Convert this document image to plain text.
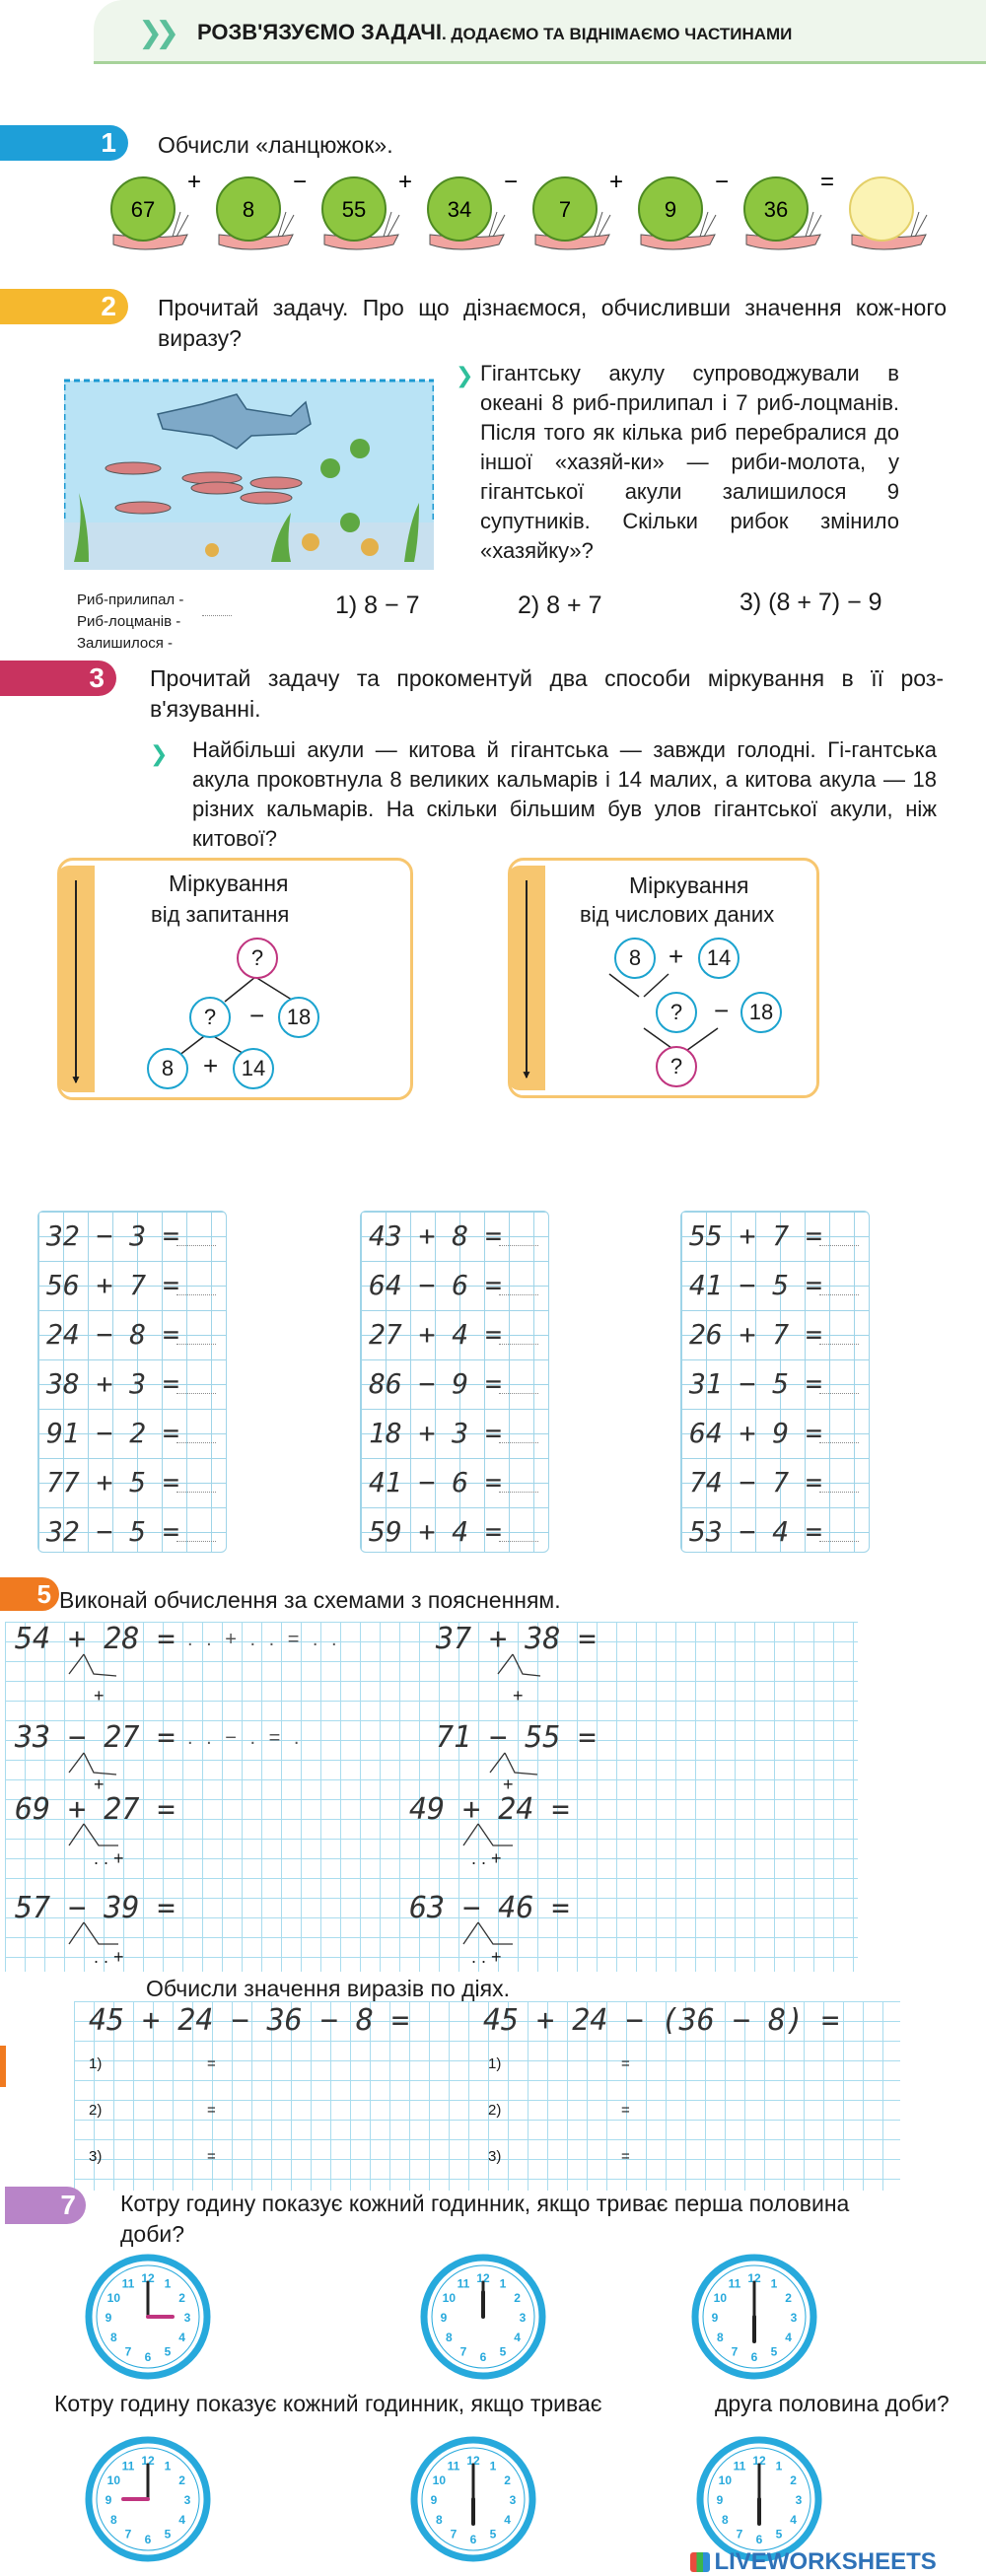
❯❯ РОЗВ'ЯЗУЄМО ЗАДАЧІ. ДОДАЄМО ТА ВІДНІМАЄМО ЧАСТИНАМИ
1	Обчисли «ланцюжок».
67
+
8
−
55
+
34
−
7
+
9
−
36
=
2	Прочитай задачу. Про що дізнаємося, обчисливши значення кож-ного виразу?
❯ Гігантську акулу супроводжували в океані 8 риб-прилипал і 7 риб-лоцманів. Після того як кілька риб перебралися до іншої «хазяй-ки» — риби-молота, у гігантської акули залишилося 9 супутників. Скільки рибок змінило «хазяйку»?
Риб-прилипал -
Риб-лоцманів -
Залишилося -
1) 8 − 7	2) 8 + 7	3) (8 + 7) − 9
3	Прочитай задачу та прокоментуй два способи міркування в її роз-в'язуванні.
❯ Найбільші акули — китова й гігантська — завжди голодні. Гі-гантська акула проковтнула 8 великих кальмарів і 14 малих, а китова акула — 18 різних кальмарів. На скільки більшим був улов гігантської акули, ніж китової?
▼
Міркування
від запитання
?
?	−	18
8	+	14	▼
Міркування
від числових даних
8	+	14
?	− 18
?
32 − 3 =
56 + 7 =
24 − 8 =
38 + 3 =
91 − 2 =
77 + 5 =
32 − 5 =
43 + 8 =
64 − 6 =
27 + 4 =
86 − 9 =
18 + 3 =
41 − 6 =
59 + 4 =
55 + 7 =
41 − 5 =
26 + 7 =
31 − 5 =
64 + 9 =
74 − 7 =
53 − 4 =
5 Виконай обчислення за схемами з поясненням.
54 + 28 = . . + . . = . .	37 + 38 =
33 − 27 = . . − . = .	71 − 55 =
69 + 27 =	49 + 24 =
57 − 39 =	63 − 46 =
+	+
+	+
. . +	. . +
. . +	. . +
Обчисли значення виразів по діях.
45 + 24 − 36 − 8 = 45 + 24 − (36 − 8) =
1)	=	1)	=
2)	=	2)	=
3)	=	3)	=
7	Котру годину показує кожний годинник, якщо триває перша половина доби?
Котру годину показує кожний годинник, якщо триває	друга половина доби?
12 1
2
3
4
5
6
7
8
9
10
11	12 1
2
3
4
5
6
7
8
9
10
11	12 1
2
3
4
5
6
7
8
9
10
11
12 1
2
3
4
5
6
7
8
9
10
11	12 1
2
3
4
5
6
7
8
9
10
11	12 1
2
3
4
5
6
7
8
9
10
11
LIVEWORKSHEETS
